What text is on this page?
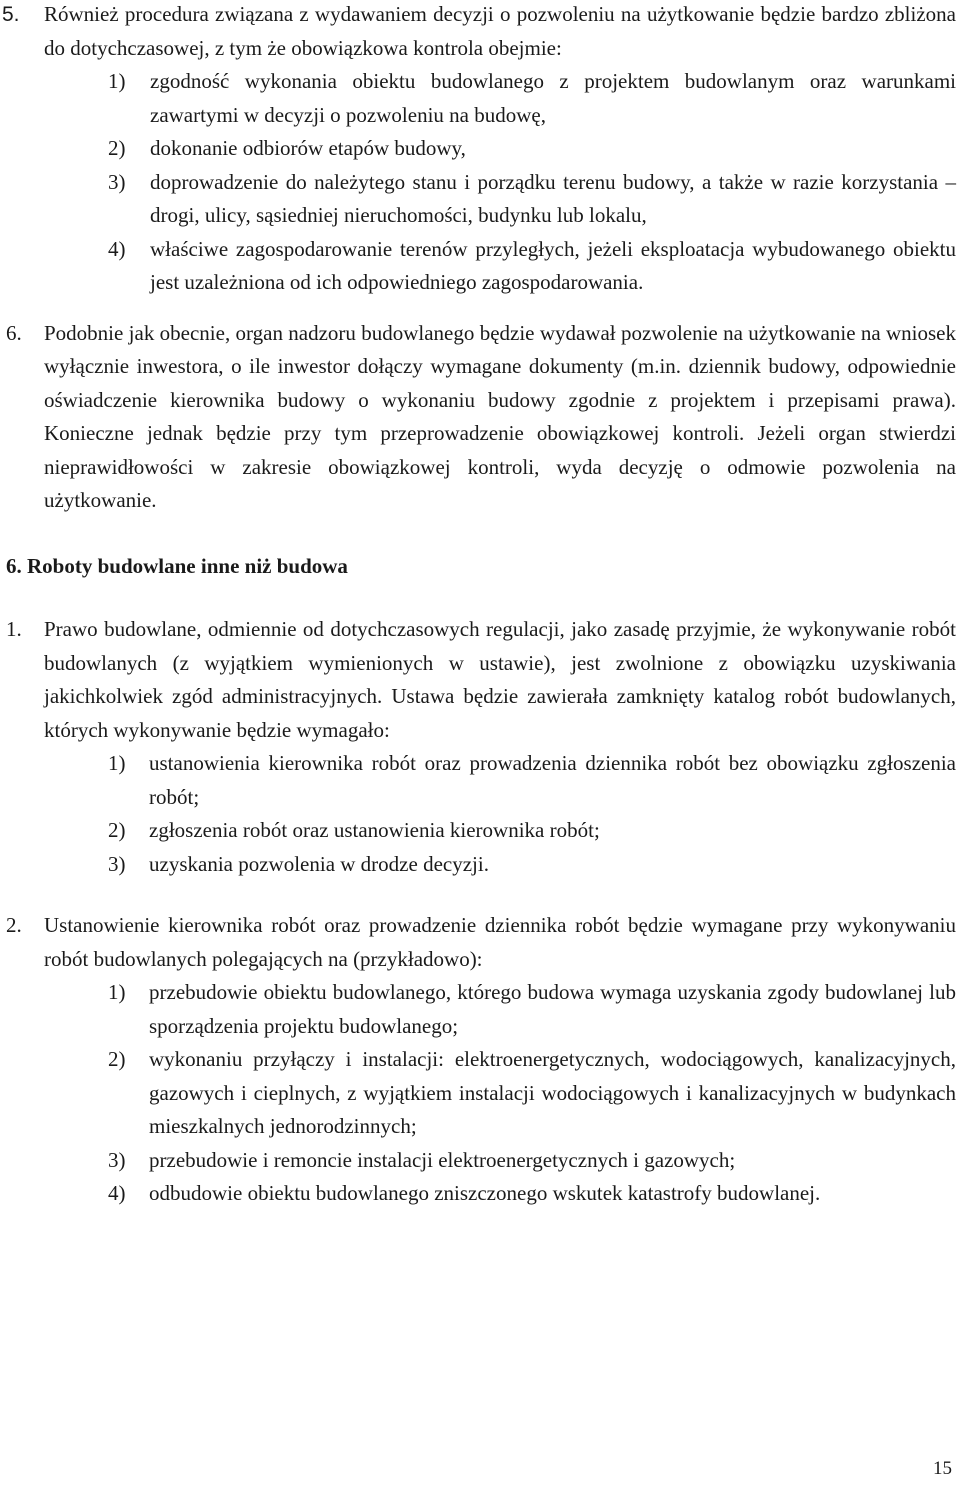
5. Również procedura związana z wydawaniem decyzji o pozwoleniu na użytkowanie będzie bardzo zbliżona do dotychczasowej, z tym że obowiązkowa kontrola obejmie:
1) zgodność wykonania obiektu budowlanego z projektem budowlanym oraz warunkami zawartymi w decyzji o pozwoleniu na budowę,
2) dokonanie odbiorów etapów budowy,
3) doprowadzenie do należytego stanu i porządku terenu budowy, a także w razie korzystania – drogi, ulicy, sąsiedniej nieruchomości, budynku lub lokalu,
4) właściwe zagospodarowanie terenów przyległych, jeżeli eksploatacja wybudowanego obiektu jest uzależniona od ich odpowiedniego zagospodarowania.
6. Podobnie jak obecnie, organ nadzoru budowlanego będzie wydawał pozwolenie na użytkowanie na wniosek wyłącznie inwestora, o ile inwestor dołączy wymagane dokumenty (m.in. dziennik budowy, odpowiednie oświadczenie kierownika budowy o wykonaniu budowy zgodnie z projektem i przepisami prawa). Konieczne jednak będzie przy tym przeprowadzenie obowiązkowej kontroli. Jeżeli organ stwierdzi nieprawidłowości w zakresie obowiązkowej kontroli, wyda decyzję o odmowie pozwolenia na użytkowanie.
6. Roboty budowlane inne niż budowa
1. Prawo budowlane, odmiennie od dotychczasowych regulacji, jako zasadę przyjmie, że wykonywanie robót budowlanych (z wyjątkiem wymienionych w ustawie), jest zwolnione z obowiązku uzyskiwania jakichkolwiek zgód administracyjnych. Ustawa będzie zawierała zamknięty katalog robót budowlanych, których wykonywanie będzie wymagało:
1) ustanowienia kierownika robót oraz prowadzenia dziennika robót bez obowiązku zgłoszenia robót;
2) zgłoszenia robót oraz ustanowienia kierownika robót;
3) uzyskania pozwolenia w drodze decyzji.
2. Ustanowienie kierownika robót oraz prowadzenie dziennika robót będzie wymagane przy wykonywaniu robót budowlanych polegających na (przykładowo):
1) przebudowie obiektu budowlanego, którego budowa wymaga uzyskania zgody budowlanej lub sporządzenia projektu budowlanego;
2) wykonaniu przyłączy i instalacji: elektroenergetycznych, wodociągowych, kanalizacyjnych, gazowych i cieplnych, z wyjątkiem instalacji wodociągowych i kanalizacyjnych w budynkach mieszkalnych jednorodzinnych;
3) przebudowie i remoncie instalacji elektroenergetycznych i gazowych;
4) odbudowie obiektu budowlanego zniszczonego wskutek katastrofy budowlanej.
15
